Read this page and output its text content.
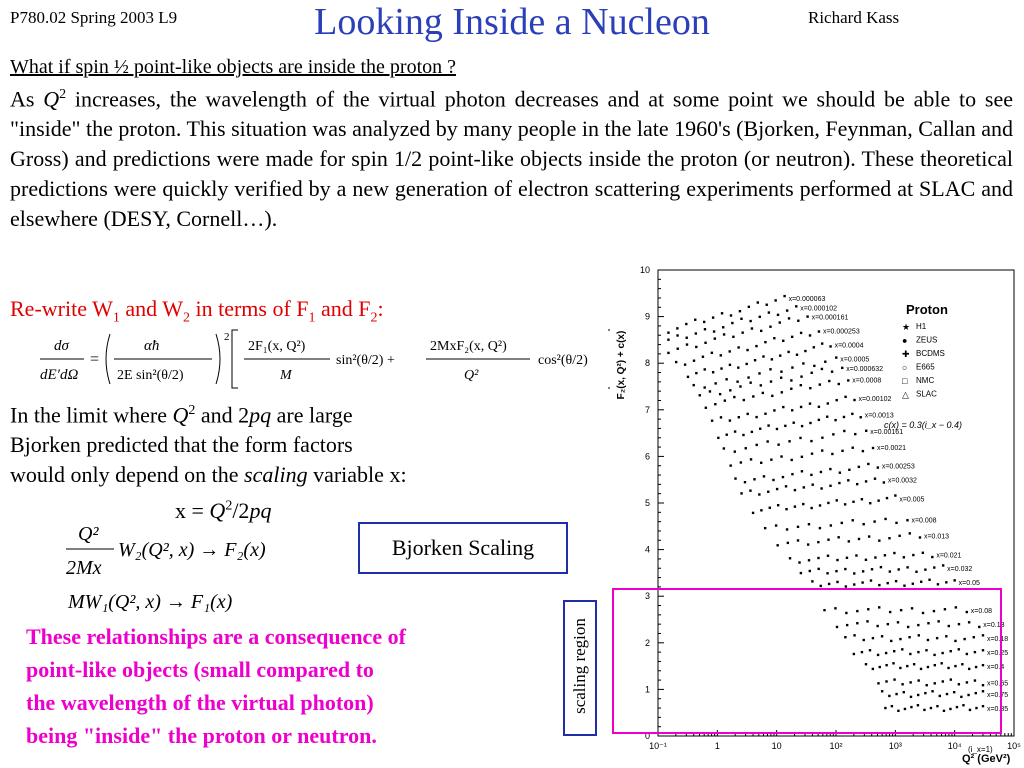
P780.02 Spring 2003 L9	Looking Inside a Nucleon	Richard Kass
What if spin ½ point-like objects are inside the proton ?
As $Q^2$ increases, the wavelength of the virtual photon decreases and at some point we should be able to see "inside" the proton. This situation was analyzed by many people in the late 1960's (Bjorken, Feynman, Callan and Gross) and predictions were made for spin 1/2 point-like objects inside the proton (or neutron). These theoretical predictions were quickly verified by a new generation of electron scattering experiments performed at SLAC and elsewhere (DESY, Cornell…).
Re-write $W_1$ and $W_2$ in terms of $F_1$ and $F_2$:
dσ
dE′dΩ
=
αħ
2E sin²(θ/2)
2
2F₁(x, Q²)
M
sin²(θ/2) +
2MxF₂(x, Q²)
Q²
cos²(θ/2)
In the limit where $Q^2$ and 2pq are large
Bjorken predicted that the form factors
would only depend on the scaling variable x:
$x = Q^2/2pq$
Q²
2Mx
W₂(Q², x) → F₂(x)
MW₁(Q², x) → F₁(x)
Bjorken Scaling
These relationships are a consequence of
point-like objects (small compared to
the wavelength of the virtual photon)
being "inside" the proton or neutron.	0
1
2
3
4
5
6
7
8
9
10
10⁻¹	1	10	10²	10³	10⁴	10⁵
x=0.000063
x=0.000102
x=0.000161
x=0.000253
x=0.0004
x=0.0005
x=0.000632
x=0.0008
x=0.00102
x=0.0013
x=0.00161
x=0.0021
x=0.00253
x=0.0032
x=0.005
x=0.008
x=0.013
x=0.021
x=0.032
x=0.05
x=0.08
x=0.13
x=0.18
x=0.25
x=0.4
x=0.65
x=0.75
x=0.85
F₂(x, Q²) + c(x)
Q² (GeV²)
Proton
★ H1
● ZEUS
✚ BCDMS
○ E665
□ NMC
△ SLAC
c(x) = 0.3(i_x − 0.4)
(i_x=1)
scaling region
